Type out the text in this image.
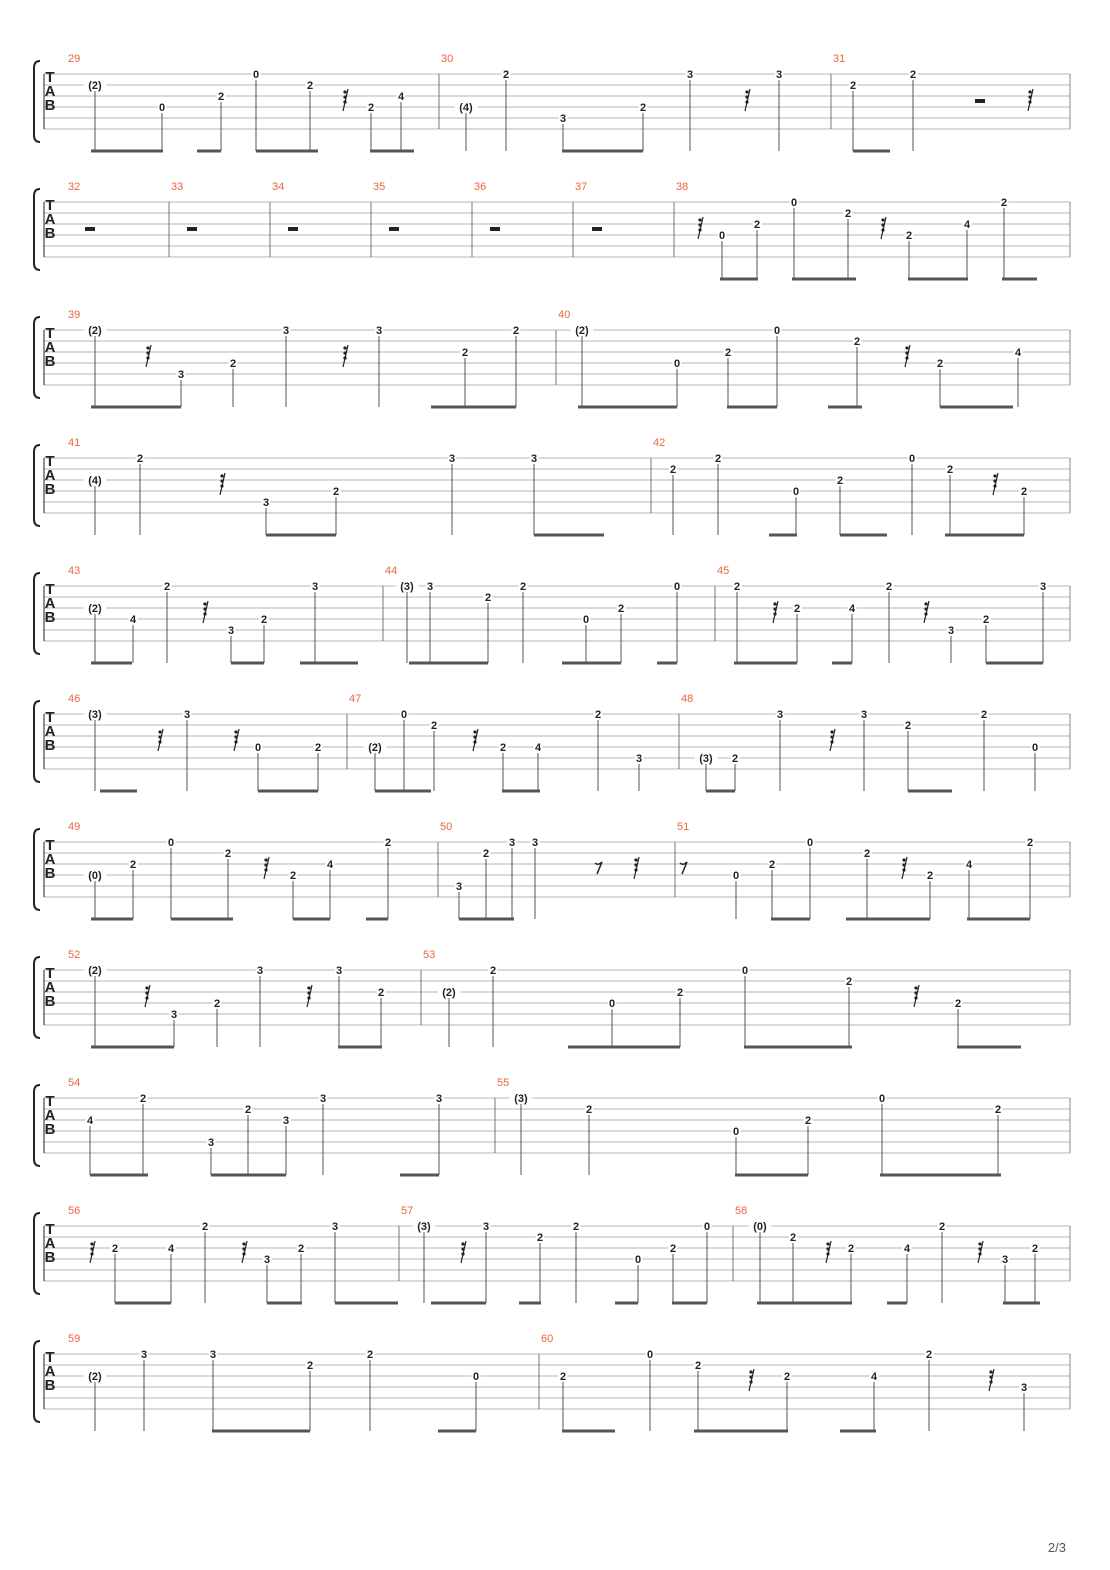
T
A
B
29
(2)
0
2
0
2
2
4
(4)
30
2
3
2
3	3
31
2
2
T
A
B
32	33	34	35	36	37	38
0
2
0
2
2
4
2
T
A
B
39
(2)
3
2
3	3
2
2
40
(2)
0
2
0
2
2
4
T
A
B
41
(4)
2
3
2
3	3
42
2
2
0
2
0
2
2
T
A
B
43
(2)
4
2
3
2
3	(3)
44
3
2
2
0
2
0
45
2
2	4
2
3
2
3
T
A
B
46
(3)	3
0	2
47
(2)
0
2
2	4
2
48
3	(3) 2
3	3
2
2
0
T
A
B
49
(0)
2
0
2
2
4
2
50
3
2
3
3
51
0
2
0
2
2
4
2
T
A
B
52
(2)
3
2
3	3
2
53
(2)
2
0
2
0
2
2
T
A
B
54
4
2
3
2
3
3	3
55
(3)
2
0
2
0
2
T
A
B
56
2	4
2
3
2
3	(3)
57
3
2
2
0
2
0
58
(0)
2
2	4
2
3
2
T
A
B
59
(2)
3	3
2
2
0
60
2
0
2
2	4
2
3
2/3
